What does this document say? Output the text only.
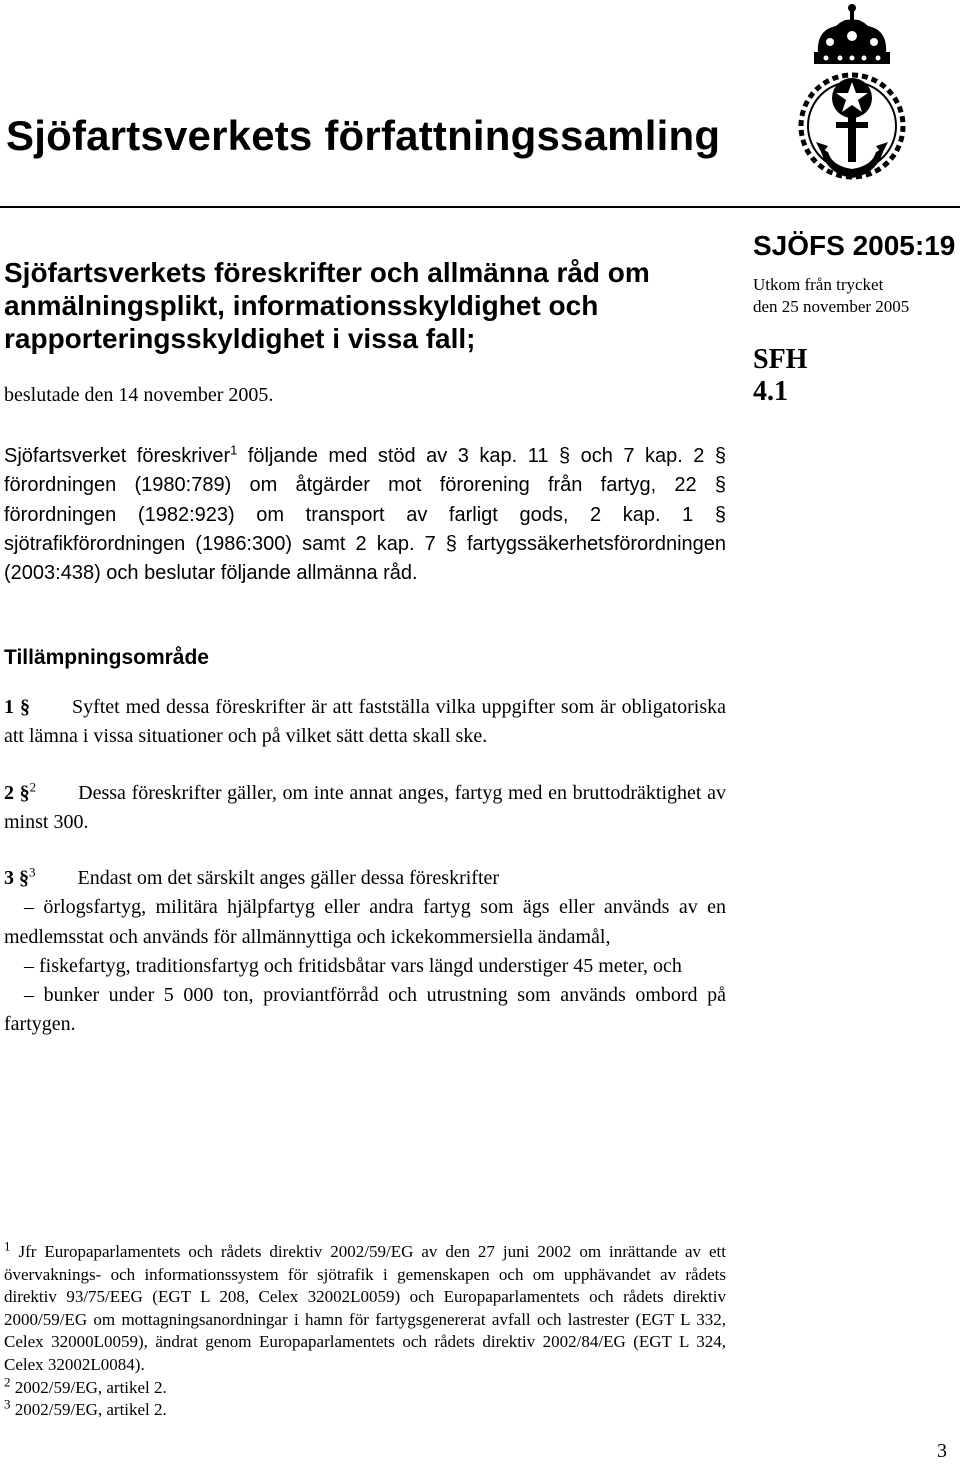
Sjöfartsverkets författningssamling
Sjöfartsverkets föreskrifter och allmänna råd om anmälningsplikt, informationsskyldighet och rapporteringsskyldighet i vissa fall;
beslutade den 14 november 2005.
SJÖFS 2005:19
Utkom från trycket
den 25 november 2005
SFH
4.1

Sjöfartsverket föreskriver$^1$ följande med stöd av 3 kap. 11 § och 7 kap. 2 § förordningen (1980:789) om åtgärder mot förorening från fartyg, 22 § förordningen (1982:923) om transport av farligt gods, 2 kap. 1 § sjötrafikförordningen (1986:300) samt 2 kap. 7 § fartygssäkerhetsförordningen (2003:438) och beslutar följande allmänna råd.

Tillämpningsområde

1 § Syftet med dessa föreskrifter är att fastställa vilka uppgifter som är obligatoriska att lämna i vissa situationer och på vilket sätt detta skall ske.

2 §$^2$ Dessa föreskrifter gäller, om inte annat anges, fartyg med en bruttodräktighet av minst 300.

3 §$^3$ Endast om det särskilt anges gäller dessa föreskrifter

– örlogsfartyg, militära hjälpfartyg eller andra fartyg som ägs eller används av en medlemsstat och används för allmännyttiga och ickekommersiella ändamål,
– fiskefartyg, traditionsfartyg och fritidsbåtar vars längd understiger 45 meter, och
– bunker under 5 000 ton, proviantförråd och utrustning som används ombord på fartygen.

$^1$ Jfr Europaparlamentets och rådets direktiv 2002/59/EG av den 27 juni 2002 om inrättande av ett övervaknings- och informationssystem för sjötrafik i gemenskapen och om upphävandet av rådets direktiv 93/75/EEG (EGT L 208, Celex 32002L0059) och Europaparlamentets och rådets direktiv 2000/59/EG om mottagningsanordningar i hamn för fartygsgenererat avfall och lastrester (EGT L 332, Celex 32000L0059), ändrat genom Europaparlamentets och rådets direktiv 2002/84/EG (EGT L 324, Celex 32002L0084).

$^2$ 2002/59/EG, artikel 2.

$^3$ 2002/59/EG, artikel 2.

3
